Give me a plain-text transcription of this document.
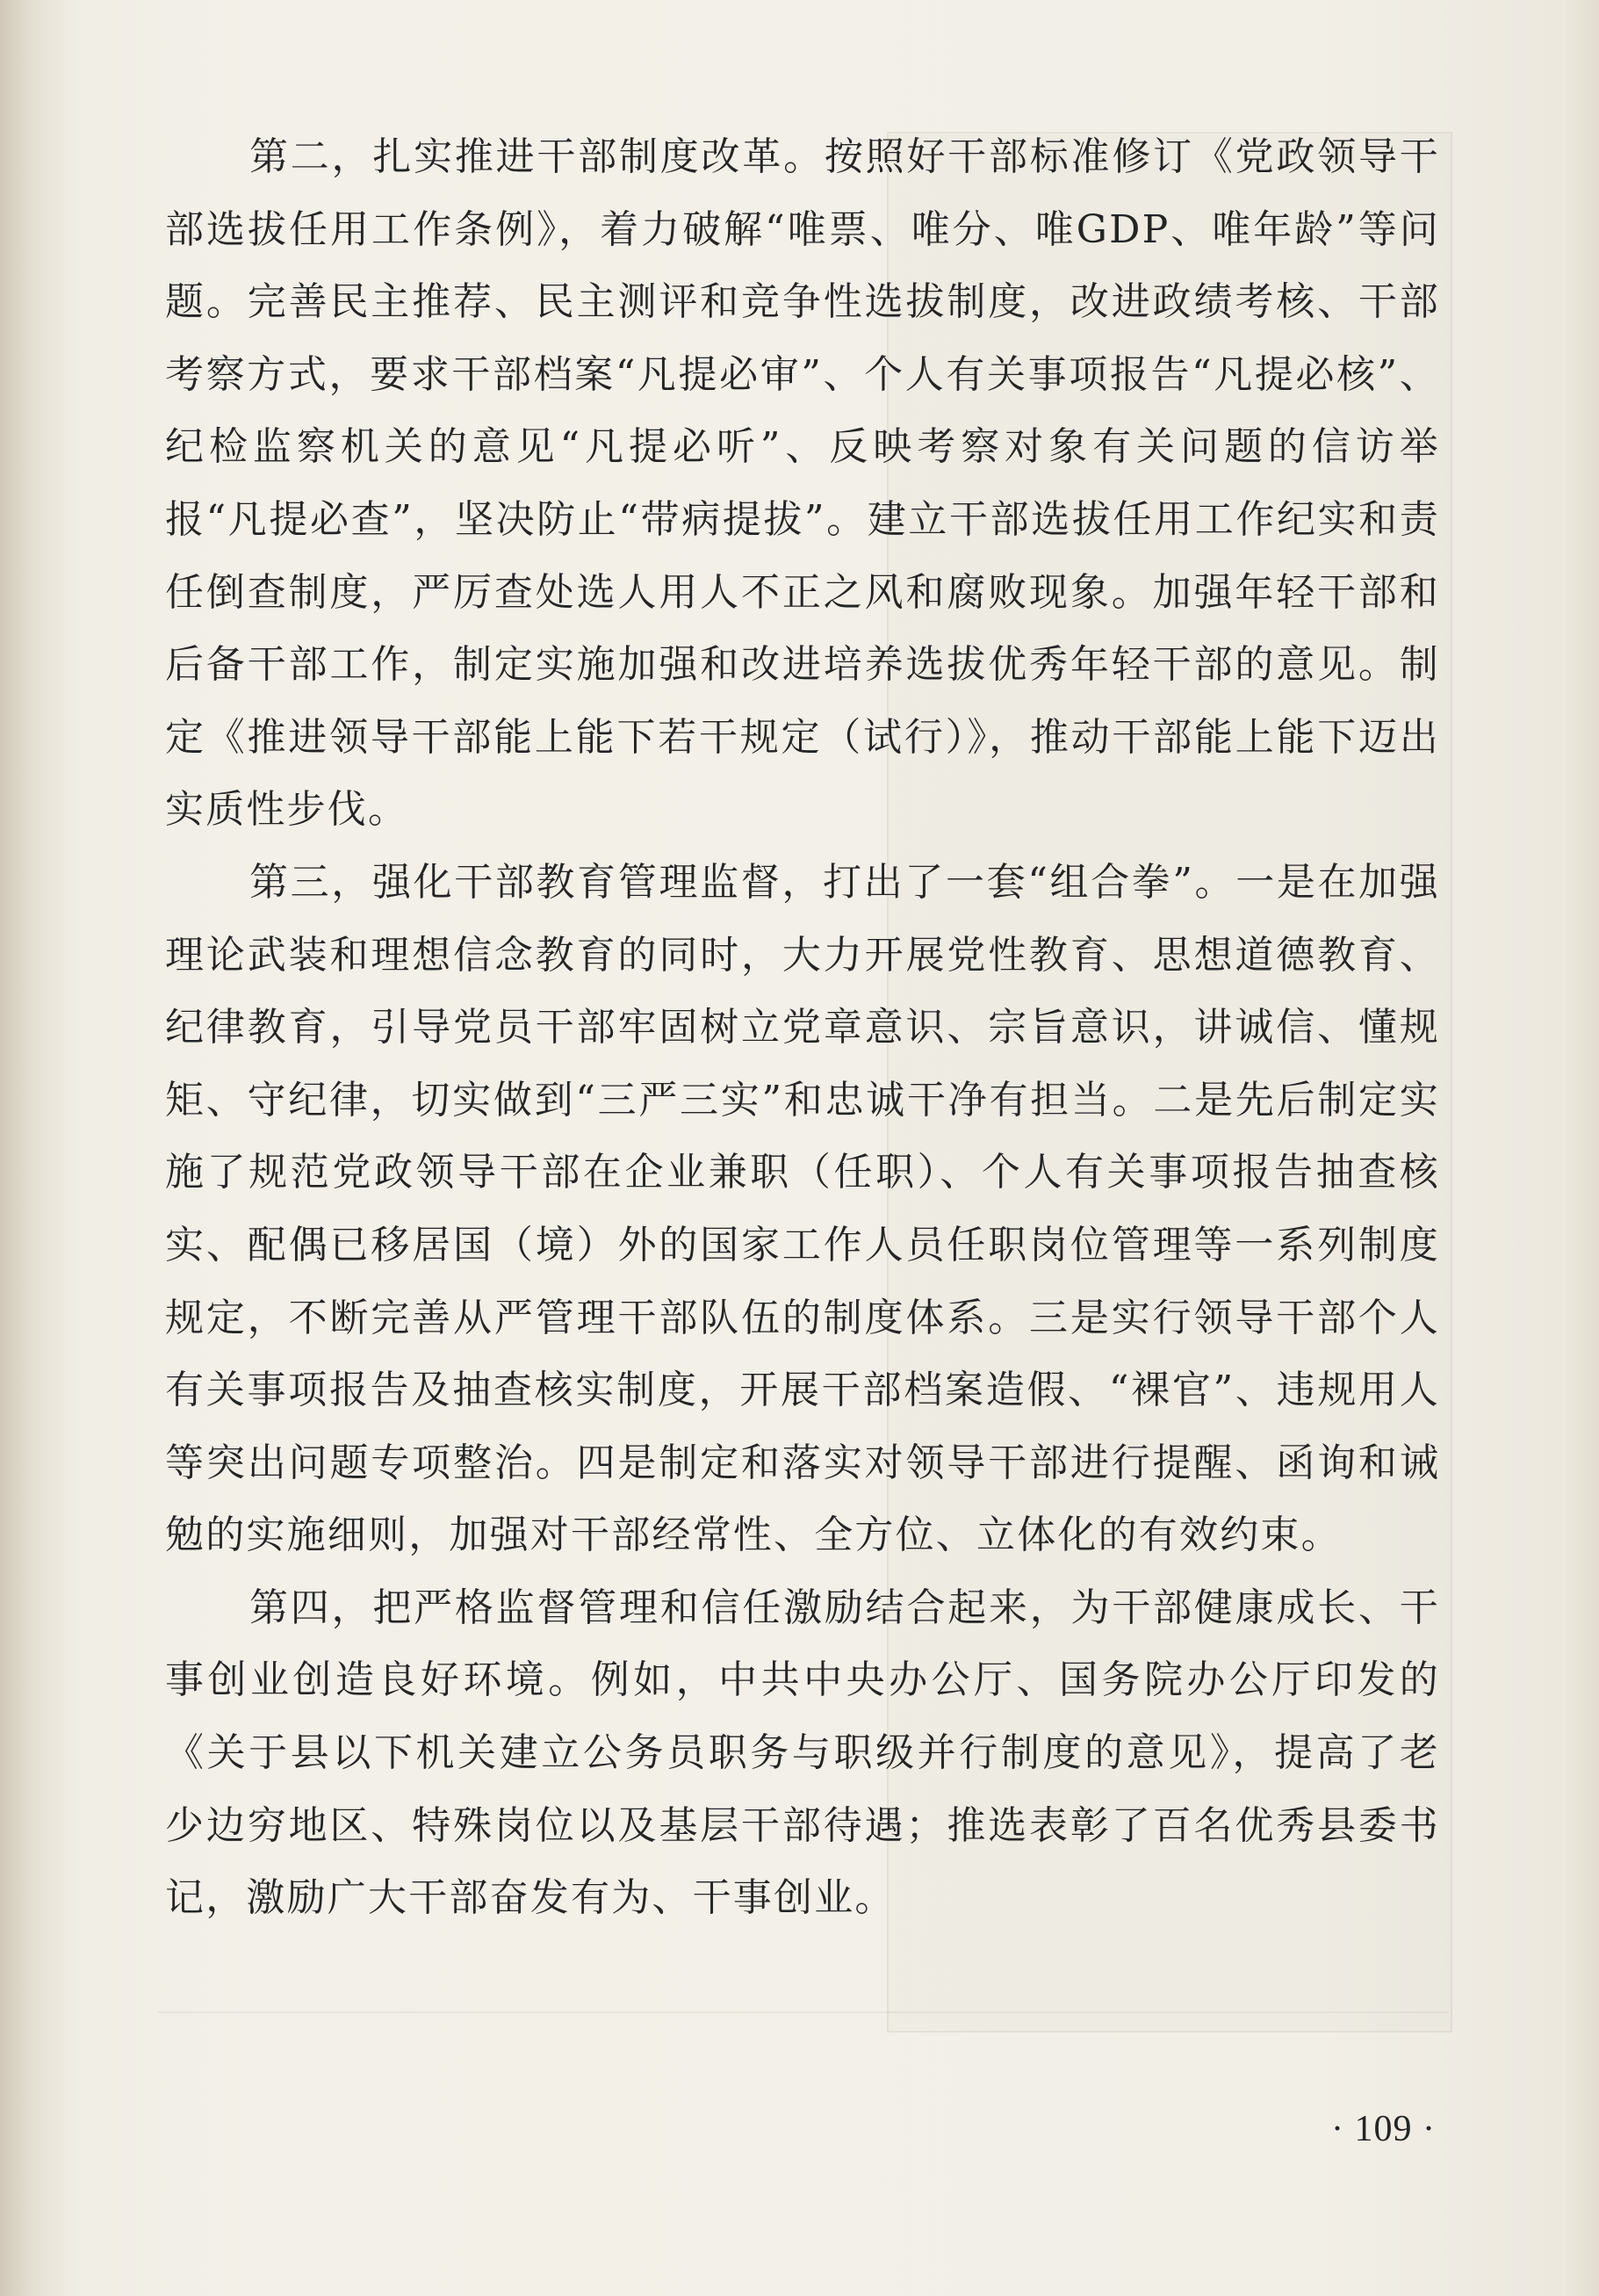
第二，扎实推进干部制度改革。按照好干部标准修订《党政领导干部选拔任用工作条例》，着力破解“唯票、唯分、唯GDP、唯年龄”等问题。完善民主推荐、民主测评和竞争性选拔制度，改进政绩考核、干部考察方式，要求干部档案“凡提必审”、个人有关事项报告“凡提必核”、纪检监察机关的意见“凡提必听”、反映考察对象有关问题的信访举报“凡提必查”，坚决防止“带病提拔”。建立干部选拔任用工作纪实和责任倒查制度，严厉查处选人用人不正之风和腐败现象。加强年轻干部和后备干部工作，制定实施加强和改进培养选拔优秀年轻干部的意见。制定《推进领导干部能上能下若干规定（试行）》，推动干部能上能下迈出实质性步伐。

第三，强化干部教育管理监督，打出了一套“组合拳”。一是在加强理论武装和理想信念教育的同时，大力开展党性教育、思想道德教育、纪律教育，引导党员干部牢固树立党章意识、宗旨意识，讲诚信、懂规矩、守纪律，切实做到“三严三实”和忠诚干净有担当。二是先后制定实施了规范党政领导干部在企业兼职（任职）、个人有关事项报告抽查核实、配偶已移居国（境）外的国家工作人员任职岗位管理等一系列制度规定，不断完善从严管理干部队伍的制度体系。三是实行领导干部个人有关事项报告及抽查核实制度，开展干部档案造假、“裸官”、违规用人等突出问题专项整治。四是制定和落实对领导干部进行提醒、函询和诫勉的实施细则，加强对干部经常性、全方位、立体化的有效约束。

第四，把严格监督管理和信任激励结合起来，为干部健康成长、干事创业创造良好环境。例如，中共中央办公厅、国务院办公厅印发的《关于县以下机关建立公务员职务与职级并行制度的意见》，提高了老少边穷地区、特殊岗位以及基层干部待遇；推选表彰了百名优秀县委书记，激励广大干部奋发有为、干事创业。

· 109 ·
